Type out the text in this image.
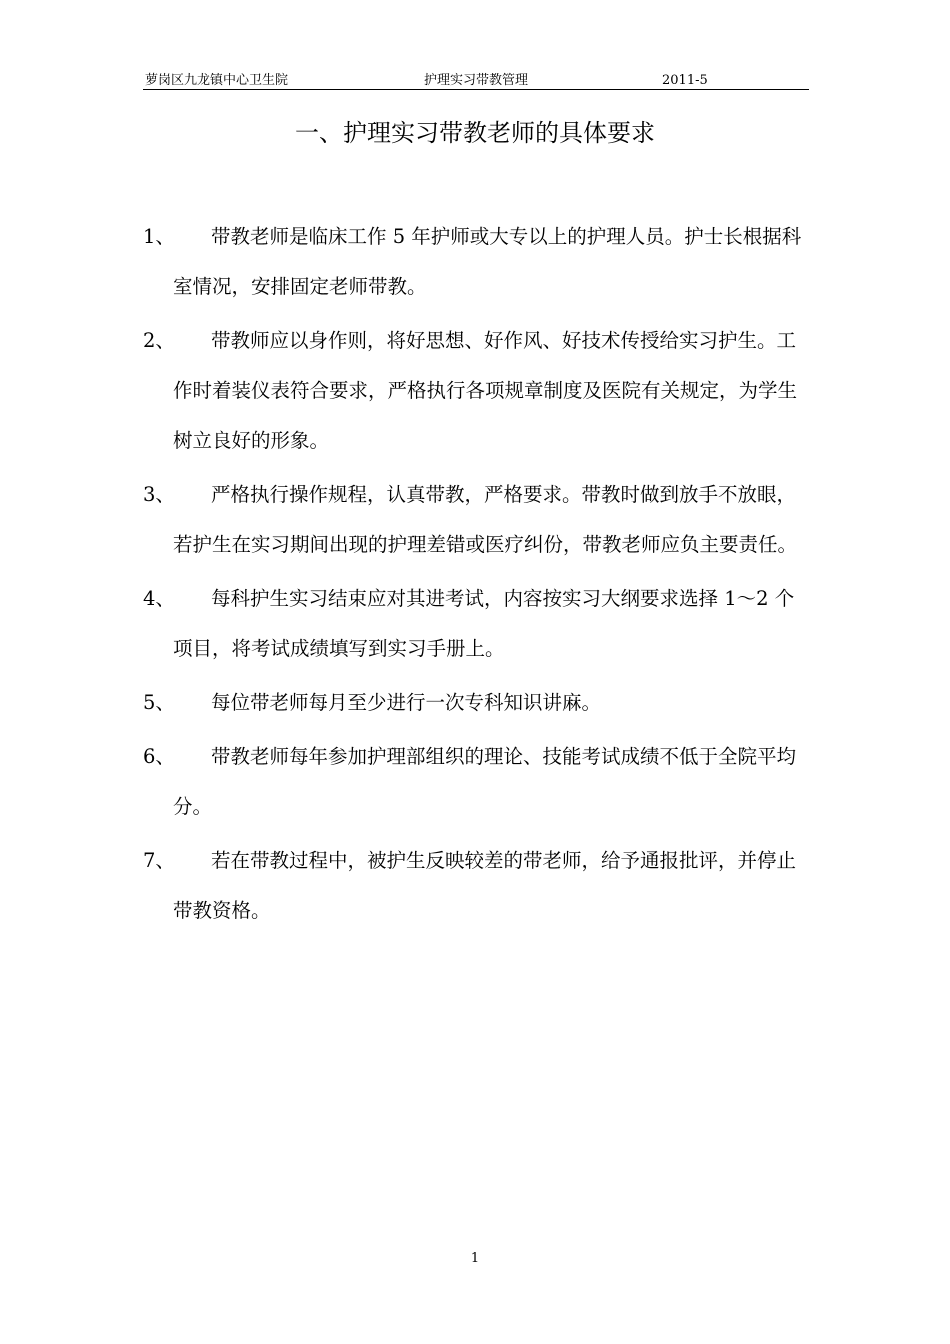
萝岗区九龙镇中心卫生院	护理实习带教管理	2011-5
一、护理实习带教老师的具体要求
1、	带教老师是临床工作 5 年护师或大专以上的护理人员。护士长根据科室情况，安排固定老师带教。
2、	带教师应以身作则，将好思想、好作风、好技术传授给实习护生。工作时着装仪表符合要求，严格执行各项规章制度及医院有关规定，为学生树立良好的形象。
3、	严格执行操作规程，认真带教，严格要求。带教时做到放手不放眼，若护生在实习期间出现的护理差错或医疗纠份，带教老师应负主要责任。
4、	每科护生实习结束应对其进考试，内容按实习大纲要求选择 1～2 个项目，将考试成绩填写到实习手册上。
5、	每位带老师每月至少进行一次专科知识讲麻。
6、	带教老师每年参加护理部组织的理论、技能考试成绩不低于全院平均分。
7、	若在带教过程中，被护生反映较差的带老师，给予通报批评，并停止带教资格。
1
